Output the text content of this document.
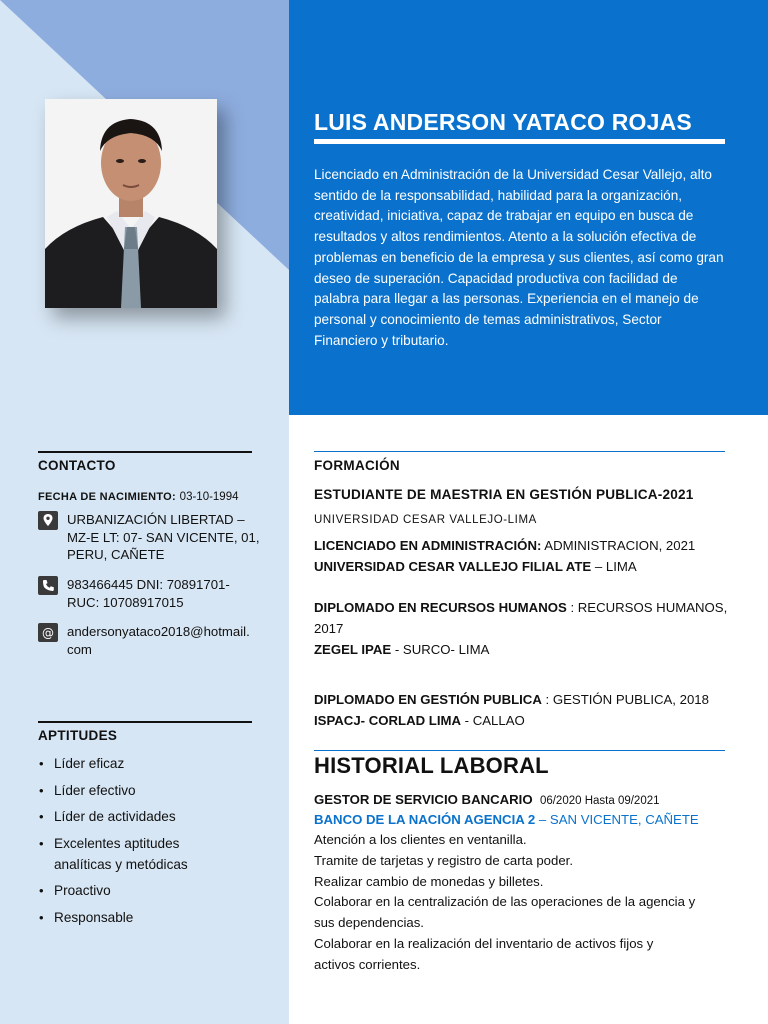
LUIS ANDERSON YATACO ROJAS
Licenciado en Administración de la Universidad Cesar Vallejo, alto sentido de la responsabilidad, habilidad para la organización, creatividad, iniciativa, capaz de trabajar en equipo en busca de resultados y altos rendimientos. Atento a la solución efectiva de problemas en beneficio de la empresa y sus clientes, así como gran deseo de superación. Capacidad productiva con facilidad de palabra para llegar a las personas. Experiencia en el manejo de personal y conocimiento de temas administrativos, Sector Financiero y tributario.
CONTACTO
FECHA DE NACIMIENTO: 03-10-1994
URBANIZACIÓN LIBERTAD –
MZ-E LT: 07- SAN VICENTE, 01,
PERU, CAÑETE
983466445 DNI: 70891701-
RUC: 10708917015
@ andersonyataco2018@hotmail.
com
APTITUDES
• Líder eficaz
• Líder efectivo
• Líder de actividades
• Excelentes aptitudes
analíticas y metódicas
• Proactivo
• Responsable
FORMACIÓN
ESTUDIANTE DE MAESTRIA EN GESTIÓN PUBLICA-2021
UNIVERSIDAD CESAR VALLEJO-LIMA
LICENCIADO EN ADMINISTRACIÓN: ADMINISTRACION, 2021
UNIVERSIDAD CESAR VALLEJO FILIAL ATE – LIMA
DIPLOMADO EN RECURSOS HUMANOS : RECURSOS HUMANOS,
2017
ZEGEL IPAE - SURCO- LIMA
DIPLOMADO EN GESTIÓN PUBLICA : GESTIÓN PUBLICA, 2018
ISPACJ- CORLAD LIMA - CALLAO
HISTORIAL LABORAL
GESTOR DE SERVICIO BANCARIO 06/2020 Hasta 09/2021
BANCO DE LA NACIÓN AGENCIA 2 – SAN VICENTE, CAÑETE
Atención a los clientes en ventanilla.
Tramite de tarjetas y registro de carta poder.
Realizar cambio de monedas y billetes.
Colaborar en la centralización de las operaciones de la agencia y
sus dependencias.
Colaborar en la realización del inventario de activos fijos y
activos corrientes.
